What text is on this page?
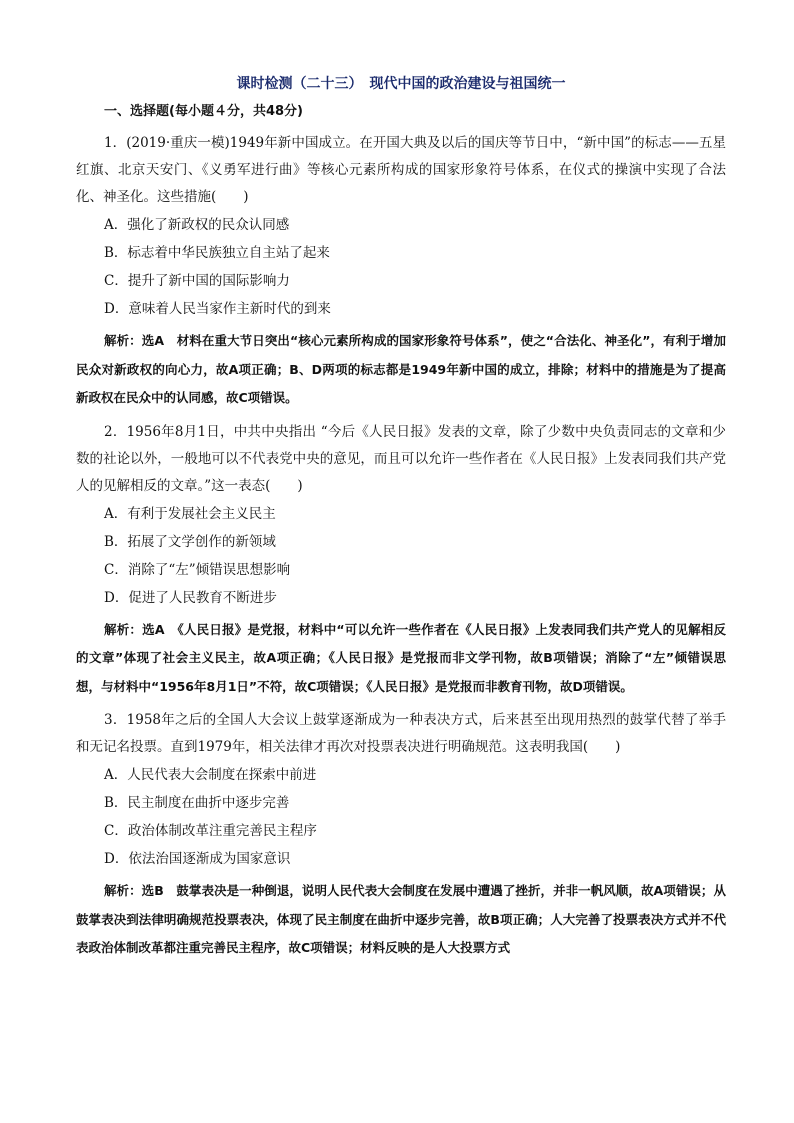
课时检测（二十三）　现代中国的政治建设与祖国统一
一、选择题(每小题４分，共48分)

1．(2019·重庆一模)1949年新中国成立。在开国大典及以后的国庆等节日中，“新中国”的标志——五星红旗、北京天安门、《义勇军进行曲》等核心元素所构成的国家形象符号体系，在仪式的操演中实现了合法化、神圣化。这些措施(　　)

A．强化了新政权的民众认同感
B．标志着中华民族独立自主站了起来
C．提升了新中国的国际影响力
D．意味着人民当家作主新时代的到来

解析：选A　材料在重大节日突出“核心元素所构成的国家形象符号体系”，使之“合法化、神圣化”，有利于增加民众对新政权的向心力，故A项正确；B、D两项的标志都是1949年新中国的成立，排除；材料中的措施是为了提高新政权在民众中的认同感，故C项错误。

2．1956年8月1日，中共中央指出 “今后《人民日报》发表的文章，除了少数中央负责同志的文章和少数的社论以外，一般地可以不代表党中央的意见，而且可以允许一些作者在《人民日报》上发表同我们共产党人的见解相反的文章。”这一表态(　　)

A．有利于发展社会主义民主
B．拓展了文学创作的新领域
C．消除了“左”倾错误思想影响
D．促进了人民教育不断进步

解析：选A　《人民日报》是党报，材料中“可以允许一些作者在《人民日报》上发表同我们共产党人的见解相反的文章”体现了社会主义民主，故A项正确；《人民日报》是党报而非文学刊物，故B项错误；消除了“左”倾错误思想，与材料中“1956年8月1日”不符，故C项错误；《人民日报》是党报而非教育刊物，故D项错误。

3．1958年之后的全国人大会议上鼓掌逐渐成为一种表决方式，后来甚至出现用热烈的鼓掌代替了举手和无记名投票。直到1979年，相关法律才再次对投票表决进行明确规范。这表明我国(　　)

A．人民代表大会制度在探索中前进
B．民主制度在曲折中逐步完善
C．政治体制改革注重完善民主程序
D．依法治国逐渐成为国家意识

解析：选B　鼓掌表决是一种倒退，说明人民代表大会制度在发展中遭遇了挫折，并非一帆风顺，故A项错误；从鼓掌表决到法律明确规范投票表决，体现了民主制度在曲折中逐步完善，故B项正确；人大完善了投票表决方式并不代表政治体制改革都注重完善民主程序，故C项错误；材料反映的是人大投票方式
